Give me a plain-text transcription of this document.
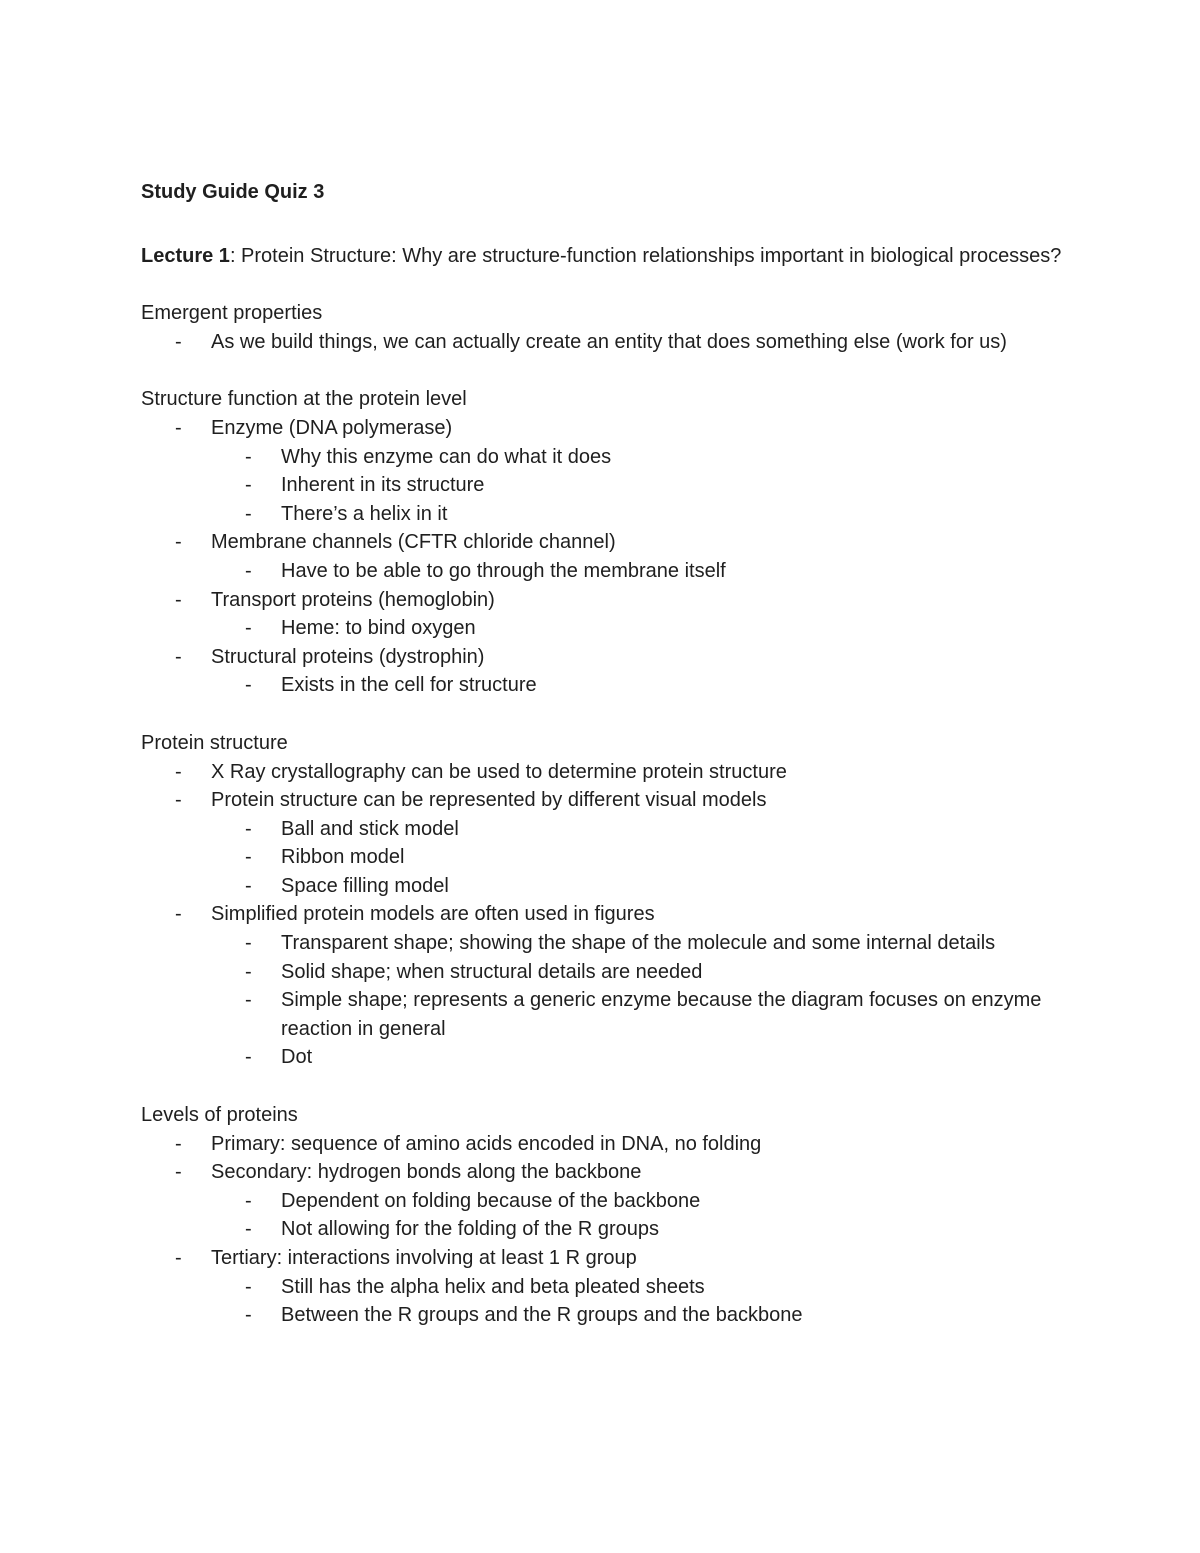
Study Guide Quiz 3
Lecture 1: Protein Structure: Why are structure-function relationships important in biological processes?
Emergent properties
-	As we build things, we can actually create an entity that does something else (work for us)
Structure function at the protein level
-	Enzyme (DNA polymerase)
-	Why this enzyme can do what it does
-	Inherent in its structure
-	There’s a helix in it
-	Membrane channels (CFTR chloride channel)
-	Have to be able to go through the membrane itself
-	Transport proteins (hemoglobin)
-	Heme: to bind oxygen
-	Structural proteins (dystrophin)
-	Exists in the cell for structure
Protein structure
-	X Ray crystallography can be used to determine protein structure
-	Protein structure can be represented by different visual models
-	Ball and stick model
-	Ribbon model
-	Space filling model
-	Simplified protein models are often used in figures
-	Transparent shape; showing the shape of the molecule and some internal details
-	Solid shape; when structural details are needed
-	Simple shape; represents a generic enzyme because the diagram focuses on enzyme reaction in general
-	Dot
Levels of proteins
-	Primary: sequence of amino acids encoded in DNA, no folding
-	Secondary: hydrogen bonds along the backbone
-	Dependent on folding because of the backbone
-	Not allowing for the folding of the R groups
-	Tertiary: interactions involving at least 1 R group
-	Still has the alpha helix and beta pleated sheets
-	Between the R groups and the R groups and the backbone
